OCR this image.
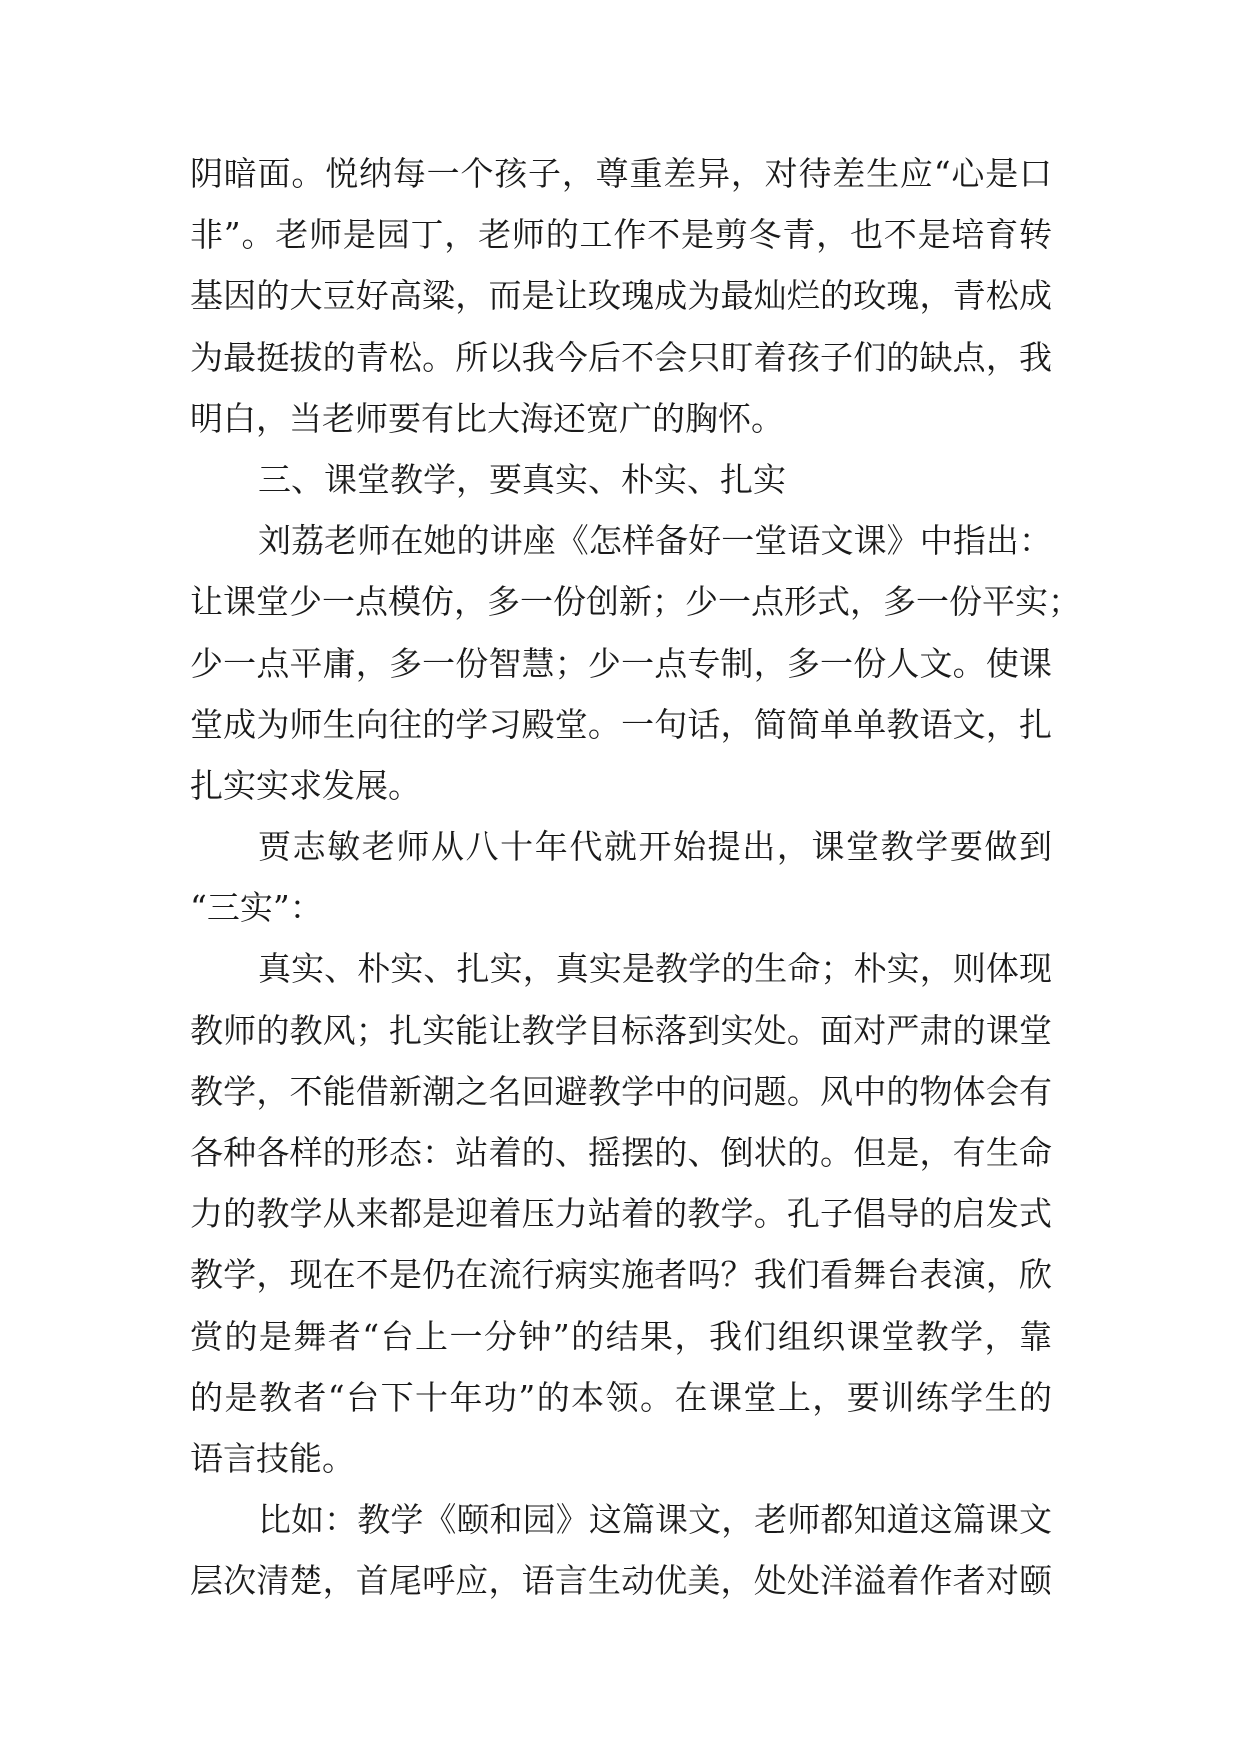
阴暗面。悦纳每一个孩子，尊重差异，对待差生应“心是口
非”。老师是园丁，老师的工作不是剪冬青，也不是培育转
基因的大豆好高粱，而是让玫瑰成为最灿烂的玫瑰，青松成
为最挺拔的青松。所以我今后不会只盯着孩子们的缺点，我
明白，当老师要有比大海还宽广的胸怀。
三、课堂教学，要真实、朴实、扎实
刘荔老师在她的讲座《怎样备好一堂语文课》中指出：
让课堂少一点模仿，多一份创新；少一点形式，多一份平实；
少一点平庸，多一份智慧；少一点专制，多一份人文。使课
堂成为师生向往的学习殿堂。一句话，简简单单教语文，扎
扎实实求发展。
贾志敏老师从八十年代就开始提出，课堂教学要做到
“三实”：
真实、朴实、扎实，真实是教学的生命；朴实，则体现
教师的教风；扎实能让教学目标落到实处。面对严肃的课堂
教学，不能借新潮之名回避教学中的问题。风中的物体会有
各种各样的形态：站着的、摇摆的、倒状的。但是，有生命
力的教学从来都是迎着压力站着的教学。孔子倡导的启发式
教学，现在不是仍在流行病实施者吗？我们看舞台表演，欣
赏的是舞者“台上一分钟”的结果，我们组织课堂教学，靠
的是教者“台下十年功”的本领。在课堂上，要训练学生的
语言技能。
比如：教学《颐和园》这篇课文，老师都知道这篇课文
层次清楚，首尾呼应，语言生动优美，处处洋溢着作者对颐
